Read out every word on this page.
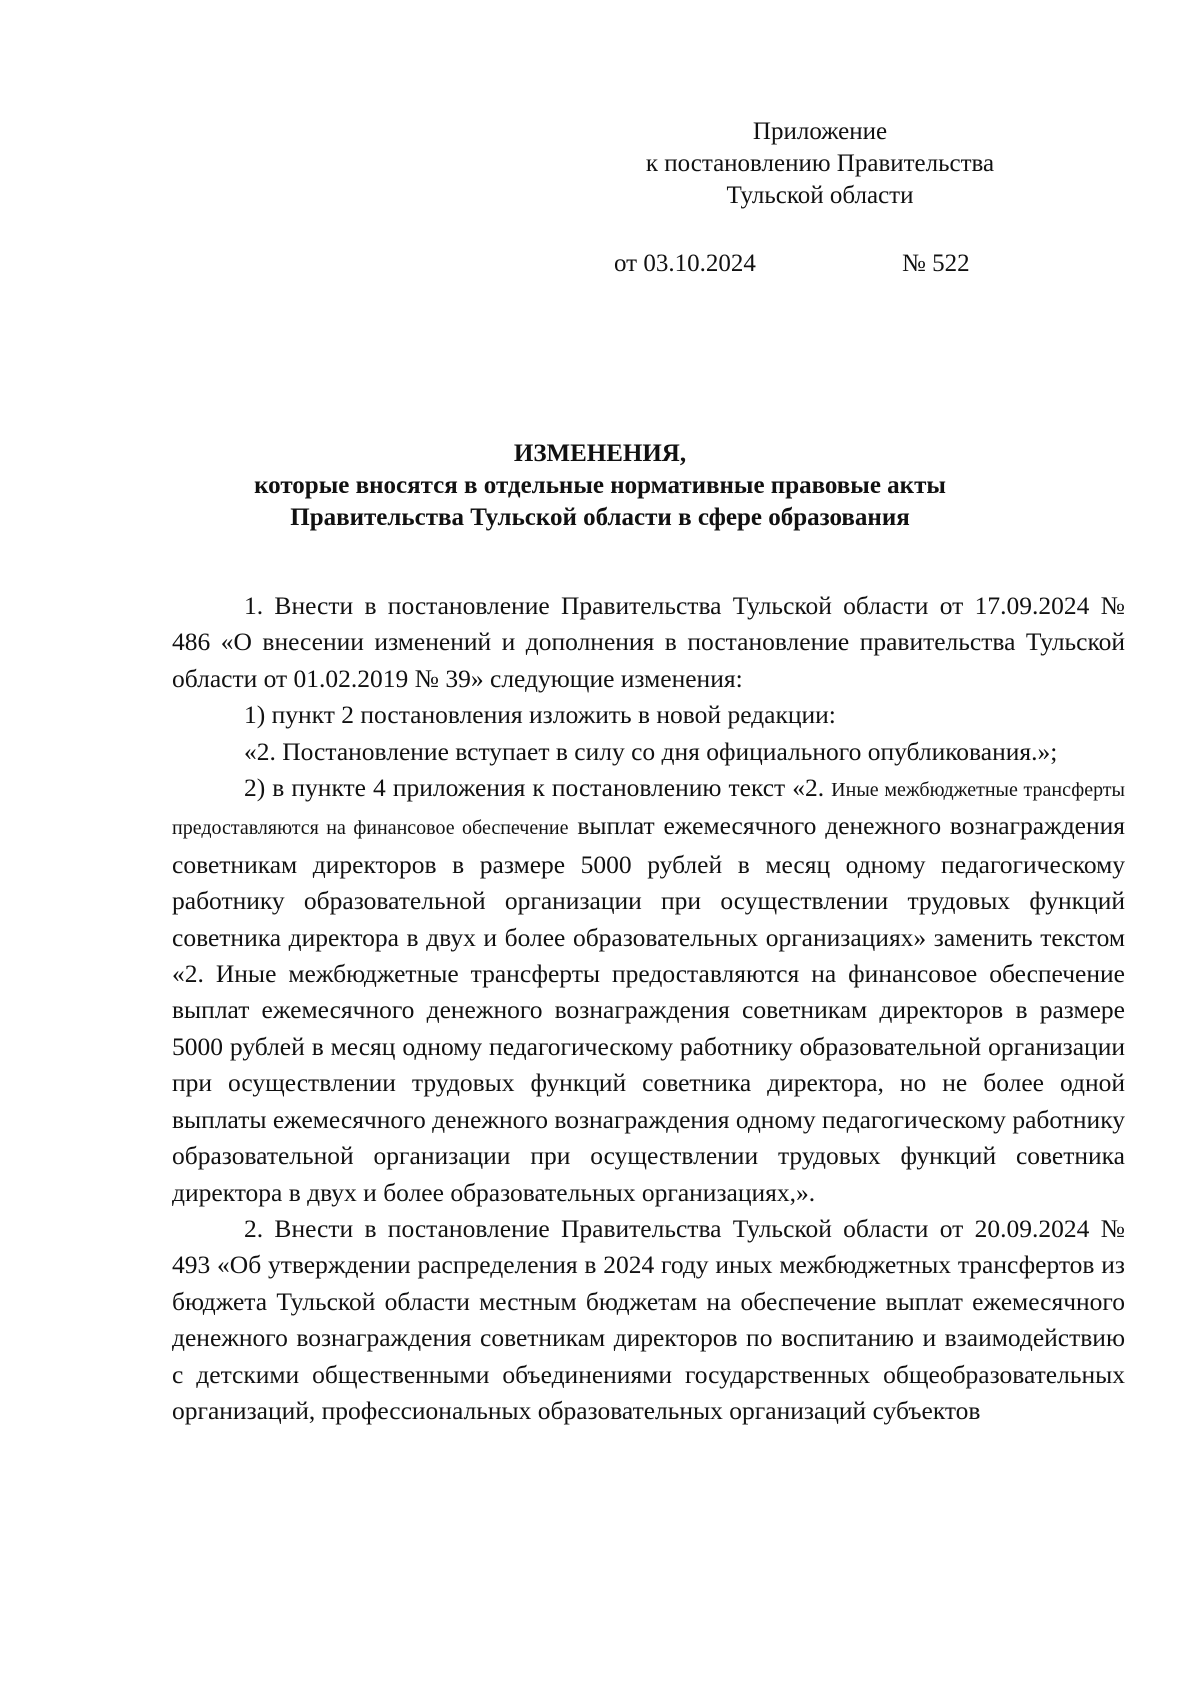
Приложение
к постановлению Правительства
Тульской области
от 03.10.2024	№ 522
ИЗМЕНЕНИЯ,
которые вносятся в отдельные нормативные правовые акты
Правительства Тульской области в сфере образования

1. Внести в постановление Правительства Тульской области от 17.09.2024 № 486 «О внесении изменений и дополнения в постановление правительства Тульской области от 01.02.2019 № 39» следующие изменения:

1) пункт 2 постановления изложить в новой редакции:

«2. Постановление вступает в силу со дня официального опубликования.»;

2) в пункте 4 приложения к постановлению текст «2. Иные межбюджетные трансферты предоставляются на финансовое обеспечение выплат ежемесячного денежного вознаграждения советникам директоров в размере 5000 рублей в месяц одному педагогическому работнику образовательной организации при осуществлении трудовых функций советника директора в двух и более образовательных организациях» заменить текстом «2. Иные межбюджетные трансферты предоставляются на финансовое обеспечение выплат ежемесячного денежного вознаграждения советникам директоров в размере 5000 рублей в месяц одному педагогическому работнику образовательной организации при осуществлении трудовых функций советника директора, но не более одной выплаты ежемесячного денежного вознаграждения одному педагогическому работнику образовательной организации при осуществлении трудовых функций советника директора в двух и более образовательных организациях,».

2. Внести в постановление Правительства Тульской области от 20.09.2024 № 493 «Об утверждении распределения в 2024 году иных межбюджетных трансфертов из бюджета Тульской области местным бюджетам на обеспечение выплат ежемесячного денежного вознаграждения советникам директоров по воспитанию и взаимодействию с детскими общественными объединениями государственных общеобразовательных организаций, профессиональных образовательных организаций субъектов
